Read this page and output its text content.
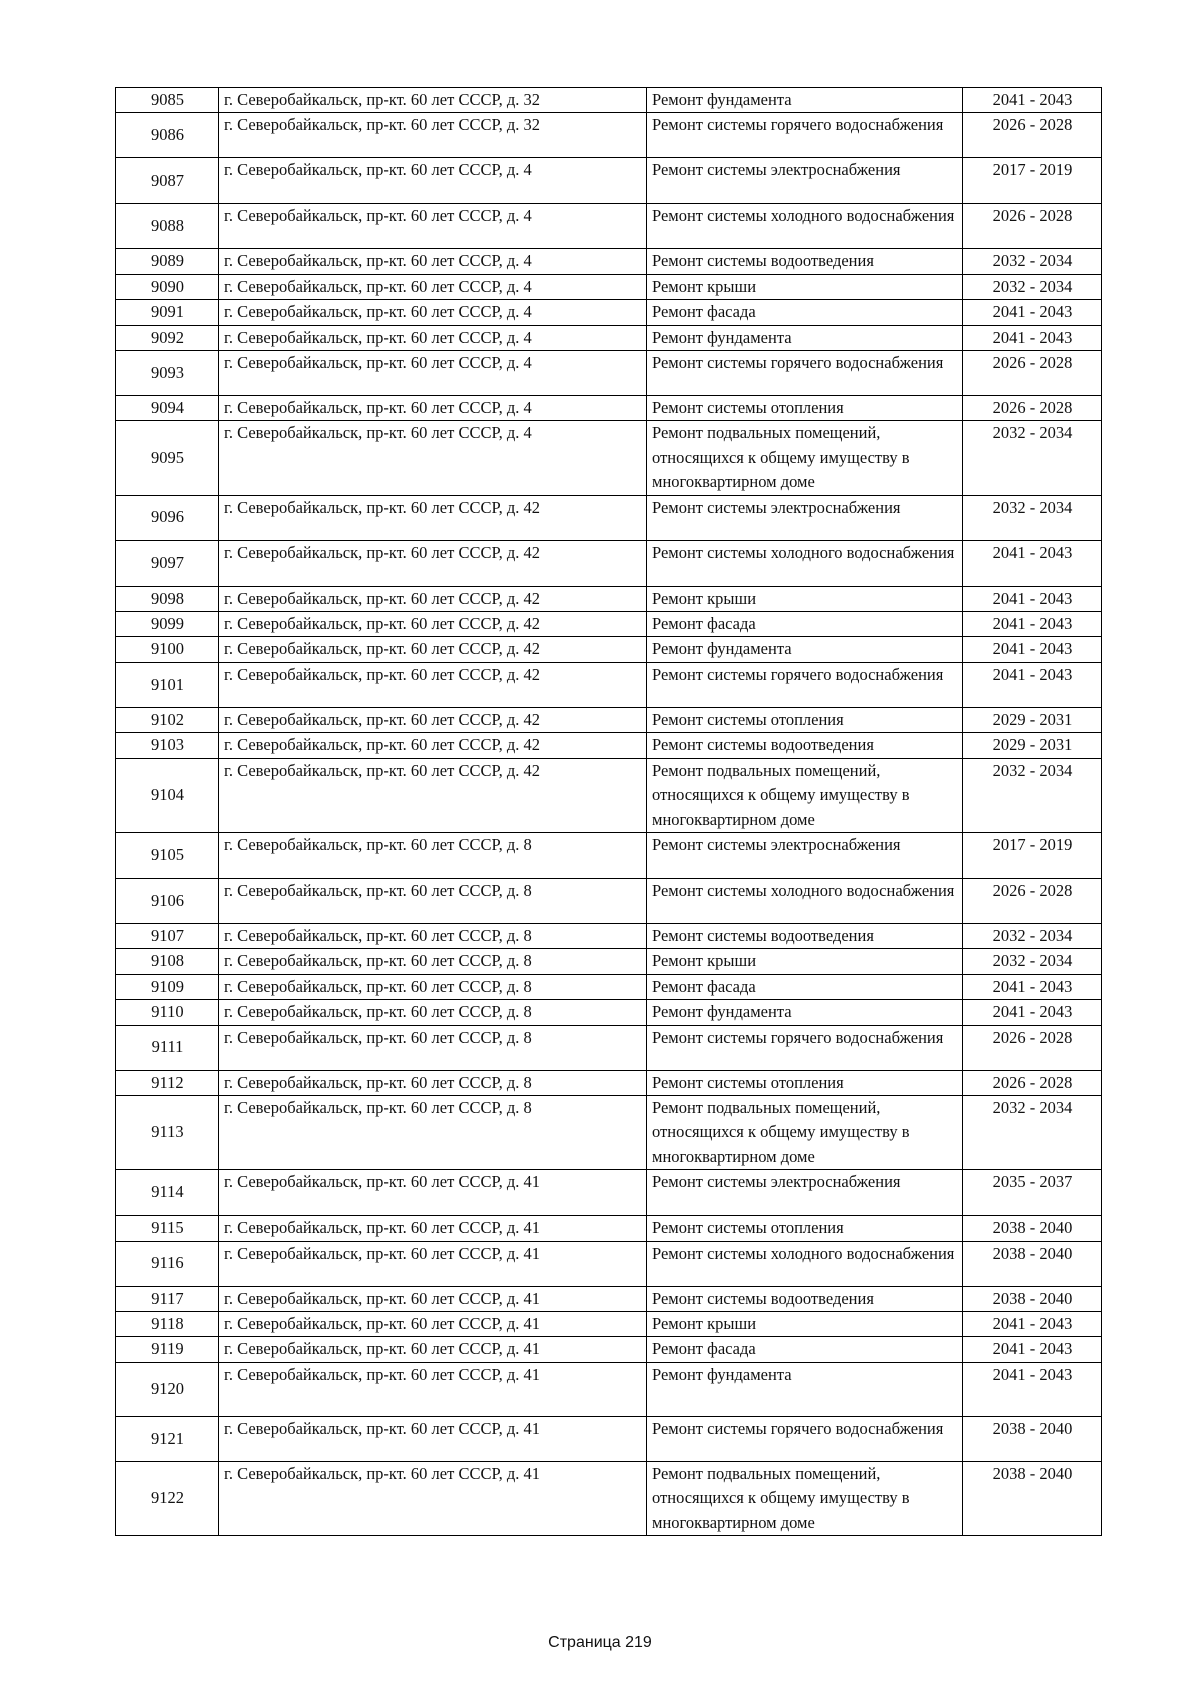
9085	г. Северобайкальск, пр-кт. 60 лет СССР, д. 32	Ремонт фундамента	2041 - 2043
9086	г. Северобайкальск, пр-кт. 60 лет СССР, д. 32	Ремонт системы горячего водоснабжения	2026 - 2028
9087	г. Северобайкальск, пр-кт. 60 лет СССР, д. 4	Ремонт системы электроснабжения	2017 - 2019
9088	г. Северобайкальск, пр-кт. 60 лет СССР, д. 4	Ремонт системы холодного водоснабжения	2026 - 2028
9089	г. Северобайкальск, пр-кт. 60 лет СССР, д. 4	Ремонт системы водоотведения	2032 - 2034
9090	г. Северобайкальск, пр-кт. 60 лет СССР, д. 4	Ремонт крыши	2032 - 2034
9091	г. Северобайкальск, пр-кт. 60 лет СССР, д. 4	Ремонт фасада	2041 - 2043
9092	г. Северобайкальск, пр-кт. 60 лет СССР, д. 4	Ремонт фундамента	2041 - 2043
9093	г. Северобайкальск, пр-кт. 60 лет СССР, д. 4	Ремонт системы горячего водоснабжения	2026 - 2028
9094	г. Северобайкальск, пр-кт. 60 лет СССР, д. 4	Ремонт системы отопления	2026 - 2028
9095	г. Северобайкальск, пр-кт. 60 лет СССР, д. 4	Ремонт подвальных помещений, относящихся к общему имуществу в многоквартирном доме	2032 - 2034
9096	г. Северобайкальск, пр-кт. 60 лет СССР, д. 42	Ремонт системы электроснабжения	2032 - 2034
9097	г. Северобайкальск, пр-кт. 60 лет СССР, д. 42	Ремонт системы холодного водоснабжения	2041 - 2043
9098	г. Северобайкальск, пр-кт. 60 лет СССР, д. 42	Ремонт крыши	2041 - 2043
9099	г. Северобайкальск, пр-кт. 60 лет СССР, д. 42	Ремонт фасада	2041 - 2043
9100	г. Северобайкальск, пр-кт. 60 лет СССР, д. 42	Ремонт фундамента	2041 - 2043
9101	г. Северобайкальск, пр-кт. 60 лет СССР, д. 42	Ремонт системы горячего водоснабжения	2041 - 2043
9102	г. Северобайкальск, пр-кт. 60 лет СССР, д. 42	Ремонт системы отопления	2029 - 2031
9103	г. Северобайкальск, пр-кт. 60 лет СССР, д. 42	Ремонт системы водоотведения	2029 - 2031
9104	г. Северобайкальск, пр-кт. 60 лет СССР, д. 42	Ремонт подвальных помещений, относящихся к общему имуществу в многоквартирном доме	2032 - 2034
9105	г. Северобайкальск, пр-кт. 60 лет СССР, д. 8	Ремонт системы электроснабжения	2017 - 2019
9106	г. Северобайкальск, пр-кт. 60 лет СССР, д. 8	Ремонт системы холодного водоснабжения	2026 - 2028
9107	г. Северобайкальск, пр-кт. 60 лет СССР, д. 8	Ремонт системы водоотведения	2032 - 2034
9108	г. Северобайкальск, пр-кт. 60 лет СССР, д. 8	Ремонт крыши	2032 - 2034
9109	г. Северобайкальск, пр-кт. 60 лет СССР, д. 8	Ремонт фасада	2041 - 2043
9110	г. Северобайкальск, пр-кт. 60 лет СССР, д. 8	Ремонт фундамента	2041 - 2043
9111	г. Северобайкальск, пр-кт. 60 лет СССР, д. 8	Ремонт системы горячего водоснабжения	2026 - 2028
9112	г. Северобайкальск, пр-кт. 60 лет СССР, д. 8	Ремонт системы отопления	2026 - 2028
9113	г. Северобайкальск, пр-кт. 60 лет СССР, д. 8	Ремонт подвальных помещений, относящихся к общему имуществу в многоквартирном доме	2032 - 2034
9114	г. Северобайкальск, пр-кт. 60 лет СССР, д. 41	Ремонт системы электроснабжения	2035 - 2037
9115	г. Северобайкальск, пр-кт. 60 лет СССР, д. 41	Ремонт системы отопления	2038 - 2040
9116	г. Северобайкальск, пр-кт. 60 лет СССР, д. 41	Ремонт системы холодного водоснабжения	2038 - 2040
9117	г. Северобайкальск, пр-кт. 60 лет СССР, д. 41	Ремонт системы водоотведения	2038 - 2040
9118	г. Северобайкальск, пр-кт. 60 лет СССР, д. 41	Ремонт крыши	2041 - 2043
9119	г. Северобайкальск, пр-кт. 60 лет СССР, д. 41	Ремонт фасада	2041 - 2043
9120	г. Северобайкальск, пр-кт. 60 лет СССР, д. 41	Ремонт фундамента	2041 - 2043
9121	г. Северобайкальск, пр-кт. 60 лет СССР, д. 41	Ремонт системы горячего водоснабжения	2038 - 2040
9122	г. Северобайкальск, пр-кт. 60 лет СССР, д. 41	Ремонт подвальных помещений, относящихся к общему имуществу в многоквартирном доме	2038 - 2040
Страница 219
